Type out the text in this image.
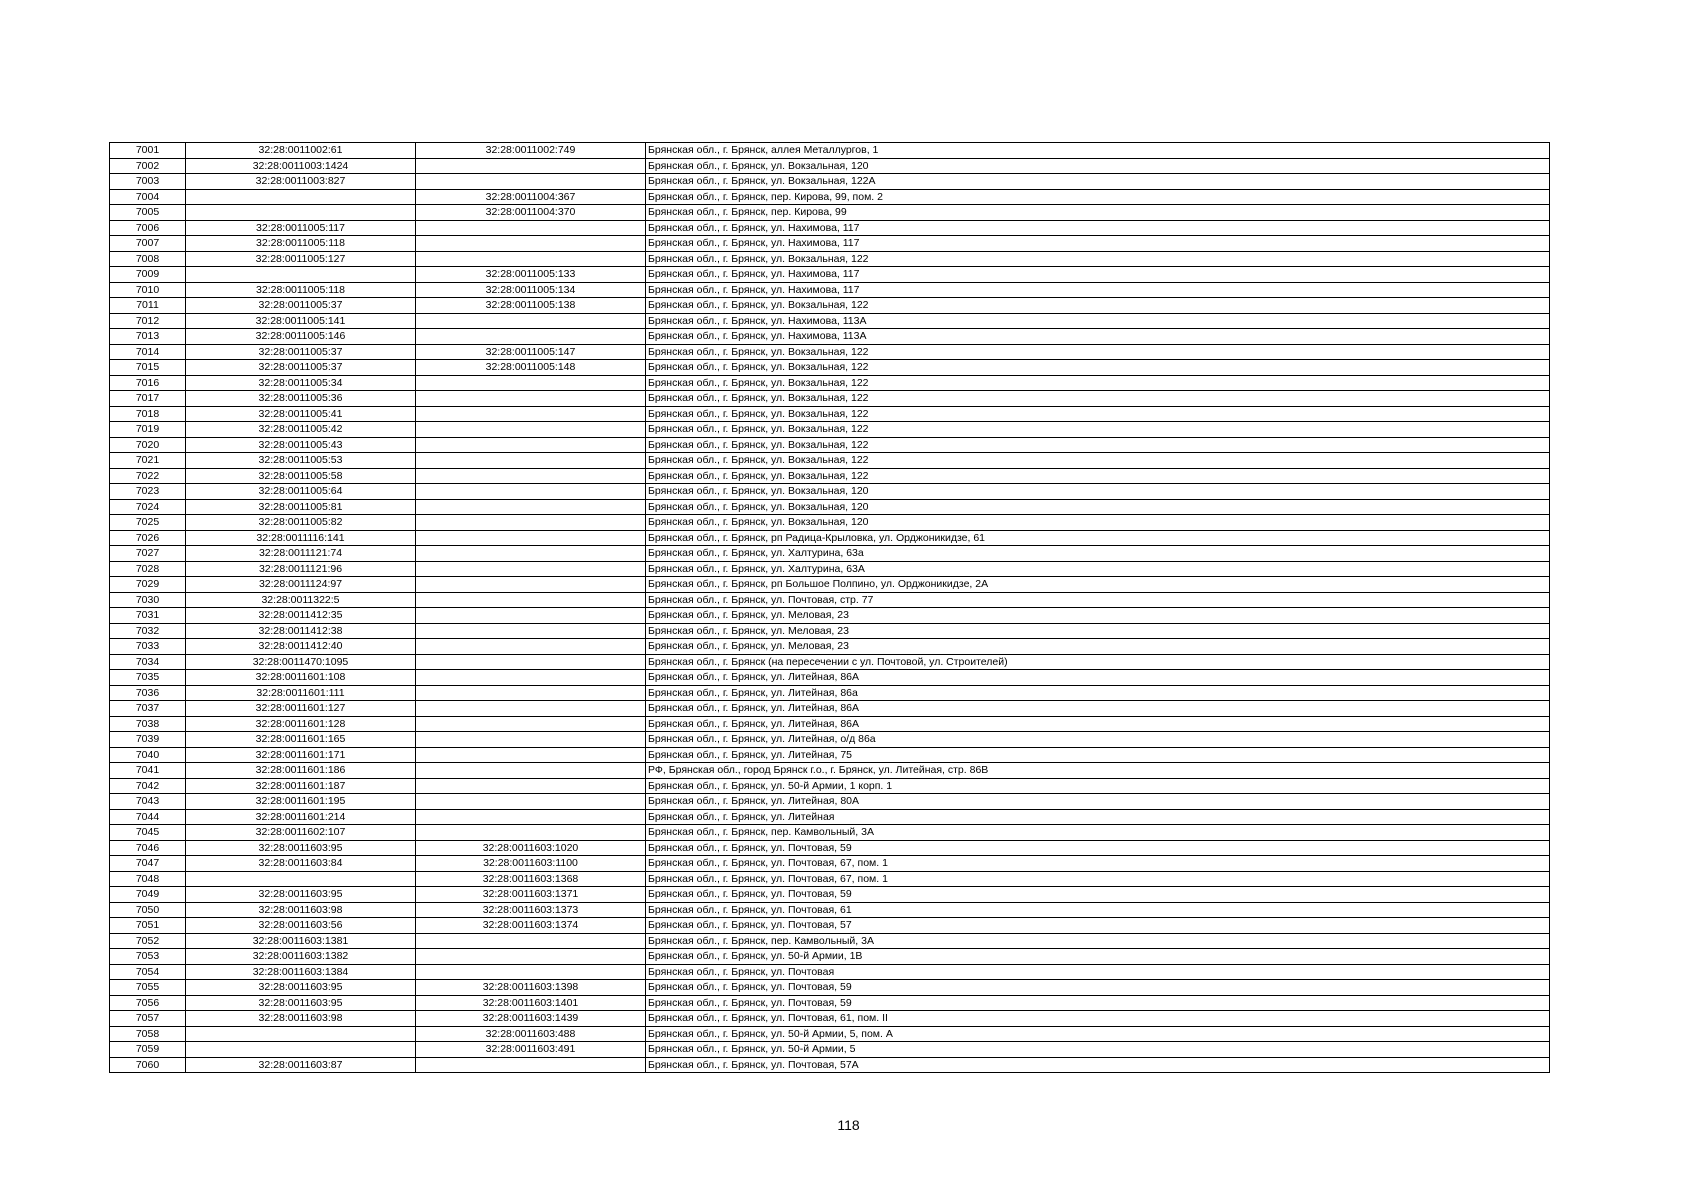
7001	32:28:0011002:61	32:28:0011002:749	Брянская обл., г. Брянск, аллея Металлургов, 1
7002	32:28:0011003:1424		Брянская обл., г. Брянск, ул. Вокзальная, 120
7003	32:28:0011003:827		Брянская обл., г. Брянск, ул. Вокзальная, 122А
7004		32:28:0011004:367	Брянская обл., г. Брянск, пер. Кирова, 99, пом. 2
7005		32:28:0011004:370	Брянская обл., г. Брянск, пер. Кирова, 99
7006	32:28:0011005:117		Брянская обл., г. Брянск, ул. Нахимова, 117
7007	32:28:0011005:118		Брянская обл., г. Брянск, ул. Нахимова, 117
7008	32:28:0011005:127		Брянская обл., г. Брянск, ул. Вокзальная, 122
7009		32:28:0011005:133	Брянская обл., г. Брянск, ул. Нахимова, 117
7010	32:28:0011005:118	32:28:0011005:134	Брянская обл., г. Брянск, ул. Нахимова, 117
7011	32:28:0011005:37	32:28:0011005:138	Брянская обл., г. Брянск, ул. Вокзальная, 122
7012	32:28:0011005:141		Брянская обл., г. Брянск, ул. Нахимова, 113А
7013	32:28:0011005:146		Брянская обл., г. Брянск, ул. Нахимова, 113А
7014	32:28:0011005:37	32:28:0011005:147	Брянская обл., г. Брянск, ул. Вокзальная, 122
7015	32:28:0011005:37	32:28:0011005:148	Брянская обл., г. Брянск, ул. Вокзальная, 122
7016	32:28:0011005:34		Брянская обл., г. Брянск, ул. Вокзальная, 122
7017	32:28:0011005:36		Брянская обл., г. Брянск, ул. Вокзальная, 122
7018	32:28:0011005:41		Брянская обл., г. Брянск, ул. Вокзальная, 122
7019	32:28:0011005:42		Брянская обл., г. Брянск, ул. Вокзальная, 122
7020	32:28:0011005:43		Брянская обл., г. Брянск, ул. Вокзальная, 122
7021	32:28:0011005:53		Брянская обл., г. Брянск, ул. Вокзальная, 122
7022	32:28:0011005:58		Брянская обл., г. Брянск, ул. Вокзальная, 122
7023	32:28:0011005:64		Брянская обл., г. Брянск, ул. Вокзальная, 120
7024	32:28:0011005:81		Брянская обл., г. Брянск, ул. Вокзальная, 120
7025	32:28:0011005:82		Брянская обл., г. Брянск, ул. Вокзальная, 120
7026	32:28:0011116:141		Брянская обл., г. Брянск, рп Радица-Крыловка, ул. Орджоникидзе, 61
7027	32:28:0011121:74		Брянская обл., г. Брянск, ул. Халтурина, 63а
7028	32:28:0011121:96		Брянская обл., г. Брянск, ул. Халтурина, 63А
7029	32:28:0011124:97		Брянская обл., г. Брянск, рп Большое Полпино, ул. Орджоникидзе, 2А
7030	32:28:0011322:5		Брянская обл., г. Брянск, ул. Почтовая, стр. 77
7031	32:28:0011412:35		Брянская обл., г. Брянск, ул. Меловая, 23
7032	32:28:0011412:38		Брянская обл., г. Брянск, ул. Меловая, 23
7033	32:28:0011412:40		Брянская обл., г. Брянск, ул. Меловая, 23
7034	32:28:0011470:1095		Брянская обл., г. Брянск (на пересечении с ул. Почтовой, ул. Строителей)
7035	32:28:0011601:108		Брянская обл., г. Брянск, ул. Литейная, 86А
7036	32:28:0011601:111		Брянская обл., г. Брянск, ул. Литейная, 86а
7037	32:28:0011601:127		Брянская обл., г. Брянск, ул. Литейная, 86А
7038	32:28:0011601:128		Брянская обл., г. Брянск, ул. Литейная, 86А
7039	32:28:0011601:165		Брянская обл., г. Брянск, ул. Литейная, о/д 86а
7040	32:28:0011601:171		Брянская обл., г. Брянск, ул. Литейная, 75
7041	32:28:0011601:186		РФ, Брянская обл., город Брянск г.о., г. Брянск, ул. Литейная, стр. 86В
7042	32:28:0011601:187		Брянская обл., г. Брянск, ул. 50-й Армии, 1 корп. 1
7043	32:28:0011601:195		Брянская обл., г. Брянск, ул. Литейная, 80А
7044	32:28:0011601:214		Брянская обл., г. Брянск, ул. Литейная
7045	32:28:0011602:107		Брянская обл., г. Брянск, пер. Камвольный, 3А
7046	32:28:0011603:95	32:28:0011603:1020	Брянская обл., г. Брянск, ул. Почтовая, 59
7047	32:28:0011603:84	32:28:0011603:1100	Брянская обл., г. Брянск, ул. Почтовая, 67, пом. 1
7048		32:28:0011603:1368	Брянская обл., г. Брянск, ул. Почтовая, 67, пом. 1
7049	32:28:0011603:95	32:28:0011603:1371	Брянская обл., г. Брянск, ул. Почтовая, 59
7050	32:28:0011603:98	32:28:0011603:1373	Брянская обл., г. Брянск, ул. Почтовая, 61
7051	32:28:0011603:56	32:28:0011603:1374	Брянская обл., г. Брянск, ул. Почтовая, 57
7052	32:28:0011603:1381		Брянская обл., г. Брянск, пер. Камвольный, 3А
7053	32:28:0011603:1382		Брянская обл., г. Брянск, ул. 50-й Армии, 1В
7054	32:28:0011603:1384		Брянская обл., г. Брянск, ул. Почтовая
7055	32:28:0011603:95	32:28:0011603:1398	Брянская обл., г. Брянск, ул. Почтовая, 59
7056	32:28:0011603:95	32:28:0011603:1401	Брянская обл., г. Брянск, ул. Почтовая, 59
7057	32:28:0011603:98	32:28:0011603:1439	Брянская обл., г. Брянск, ул. Почтовая, 61, пом. II
7058		32:28:0011603:488	Брянская обл., г. Брянск, ул. 50-й Армии, 5, пом. А
7059		32:28:0011603:491	Брянская обл., г. Брянск, ул. 50-й Армии, 5
7060	32:28:0011603:87		Брянская обл., г. Брянск, ул. Почтовая, 57А
118
